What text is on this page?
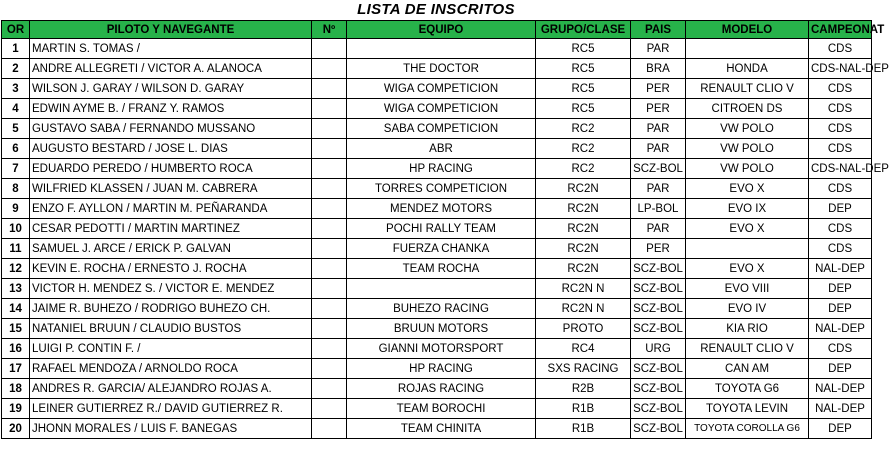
LISTA DE INSCRITOS
OR	PILOTO Y NAVEGANTE	Nº	EQUIPO	GRUPO/CLASE	PAIS	MODELO	CAMPEONAT
1	MARTIN S. TOMAS /			RC5	PAR		CDS
2	ANDRE ALLEGRETI / VICTOR A. ALANOCA		THE DOCTOR	RC5	BRA	HONDA	CDS-NAL-DEP
3	WILSON J. GARAY / WILSON D. GARAY		WIGA COMPETICION	RC5	PER	RENAULT CLIO V	CDS
4	EDWIN AYME B. / FRANZ Y. RAMOS		WIGA COMPETICION	RC5	PER	CITROEN DS	CDS
5	GUSTAVO SABA / FERNANDO MUSSANO		SABA COMPETICION	RC2	PAR	VW POLO	CDS
6	AUGUSTO BESTARD / JOSE L. DIAS		ABR	RC2	PAR	VW POLO	CDS
7	EDUARDO PEREDO / HUMBERTO ROCA		HP RACING	RC2	SCZ-BOL	VW POLO	CDS-NAL-DEP
8	WILFRIED KLASSEN / JUAN M. CABRERA		TORRES COMPETICION	RC2N	PAR	EVO X	CDS
9	ENZO F. AYLLON / MARTIN M. PEÑARANDA		MENDEZ MOTORS	RC2N	LP-BOL	EVO IX	DEP
10	CESAR PEDOTTI / MARTIN MARTINEZ		POCHI RALLY TEAM	RC2N	PAR	EVO X	CDS
11	SAMUEL J. ARCE / ERICK P. GALVAN		FUERZA CHANKA	RC2N	PER		CDS
12	KEVIN E. ROCHA / ERNESTO J. ROCHA		TEAM ROCHA	RC2N	SCZ-BOL	EVO X	NAL-DEP
13	VICTOR H. MENDEZ S. / VICTOR E. MENDEZ			RC2N N	SCZ-BOL	EVO VIII	DEP
14	JAIME R. BUHEZO / RODRIGO BUHEZO CH.		BUHEZO RACING	RC2N N	SCZ-BOL	EVO IV	DEP
15	NATANIEL BRUUN / CLAUDIO BUSTOS		BRUUN MOTORS	PROTO	SCZ-BOL	KIA RIO	NAL-DEP
16	LUIGI P. CONTIN F. /		GIANNI MOTORSPORT	RC4	URG	RENAULT CLIO V	CDS
17	RAFAEL MENDOZA / ARNOLDO ROCA		HP RACING	SXS RACING	SCZ-BOL	CAN AM	DEP
18	ANDRES R. GARCIA/ ALEJANDRO ROJAS A.		ROJAS RACING	R2B	SCZ-BOL	TOYOTA G6	NAL-DEP
19	LEINER GUTIERREZ R./ DAVID GUTIERREZ R.		TEAM BOROCHI	R1B	SCZ-BOL	TOYOTA LEVIN	NAL-DEP
20	JHONN MORALES / LUIS F. BANEGAS		TEAM CHINITA	R1B	SCZ-BOL	TOYOTA COROLLA G6	DEP
